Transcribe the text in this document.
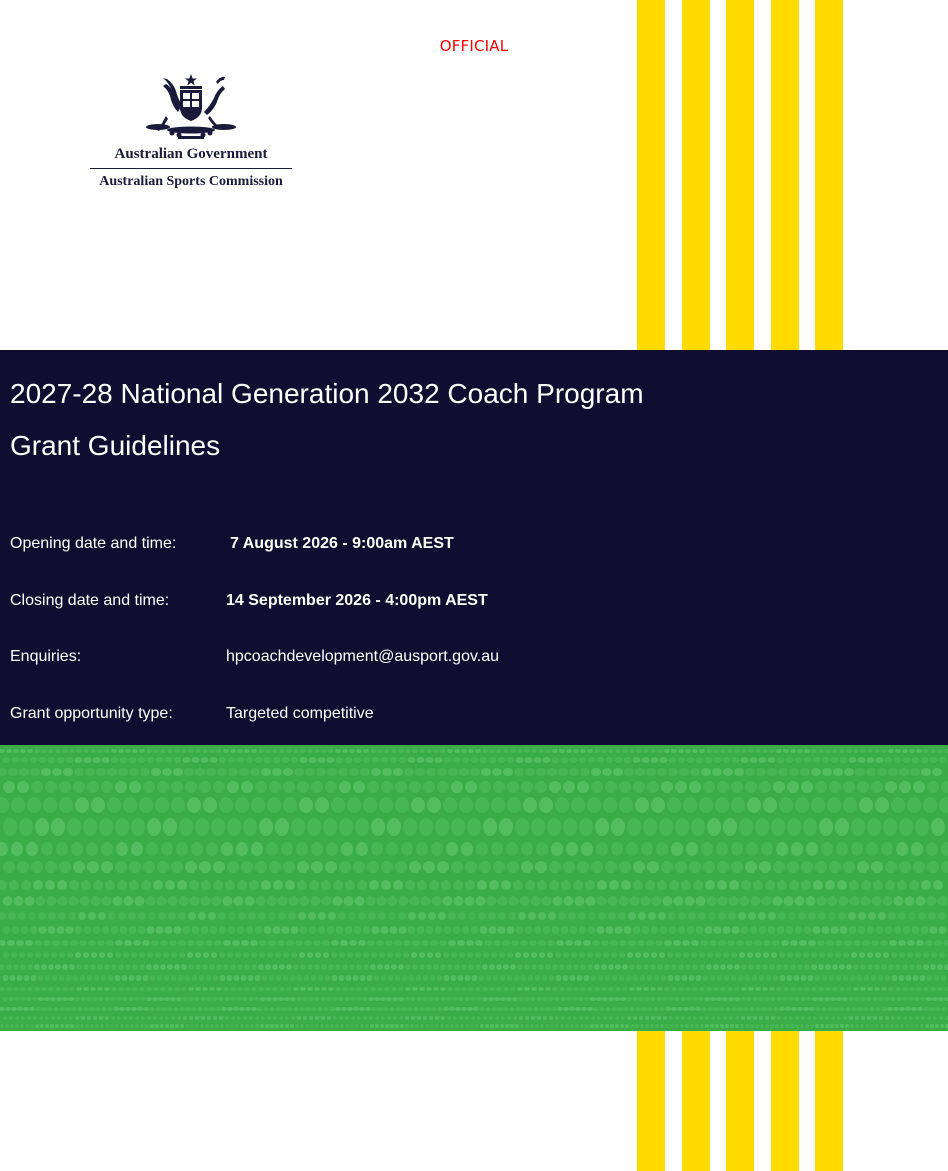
OFFICIAL
Australian Government
Australian Sports Commission
2027-28 National Generation 2032 Coach Program
Grant Guidelines
Opening date and time:	7 August 2026 - 9:00am AEST
Closing date and time:	14 September 2026 - 4:00pm AEST
Enquiries:	hpcoachdevelopment@ausport.gov.au
Grant opportunity type:	Targeted competitive
